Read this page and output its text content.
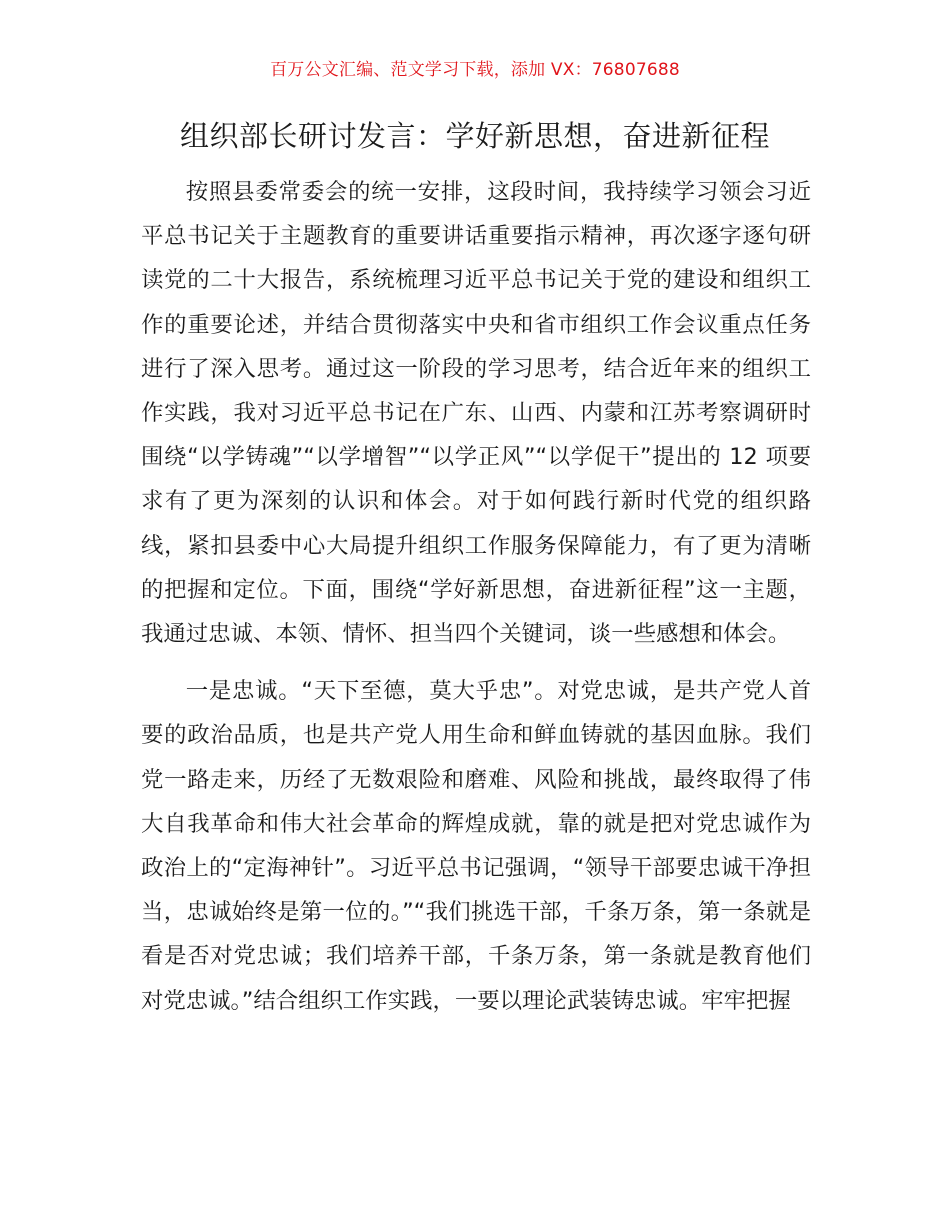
百万公文汇编、范文学习下载，添加 VX：76807688
组织部长研讨发言：学好新思想，奋进新征程

按照县委常委会的统一安排，这段时间，我持续学习领会习近平总书记关于主题教育的重要讲话重要指示精神，再次逐字逐句研读党的二十大报告，系统梳理习近平总书记关于党的建设和组织工作的重要论述，并结合贯彻落实中央和省市组织工作会议重点任务进行了深入思考。通过这一阶段的学习思考，结合近年来的组织工作实践，我对习近平总书记在广东、山西、内蒙和江苏考察调研时围绕“以学铸魂”“以学增智”“以学正风”“以学促干”提出的 12 项要求有了更为深刻的认识和体会。对于如何践行新时代党的组织路线，紧扣县委中心大局提升组织工作服务保障能力，有了更为清晰的把握和定位。下面，围绕“学好新思想，奋进新征程”这一主题，我通过忠诚、本领、情怀、担当四个关键词，谈一些感想和体会。

一是忠诚。“天下至德，莫大乎忠”。对党忠诚，是共产党人首要的政治品质，也是共产党人用生命和鲜血铸就的基因血脉。我们党一路走来，历经了无数艰险和磨难、风险和挑战，最终取得了伟大自我革命和伟大社会革命的辉煌成就，靠的就是把对党忠诚作为政治上的“定海神针”。习近平总书记强调，“领导干部要忠诚干净担当，忠诚始终是第一位的。”“我们挑选干部，千条万条，第一条就是看是否对党忠诚；我们培养干部，千条万条，第一条就是教育他们对党忠诚。”结合组织工作实践，一要以理论武装铸忠诚。牢牢把握
